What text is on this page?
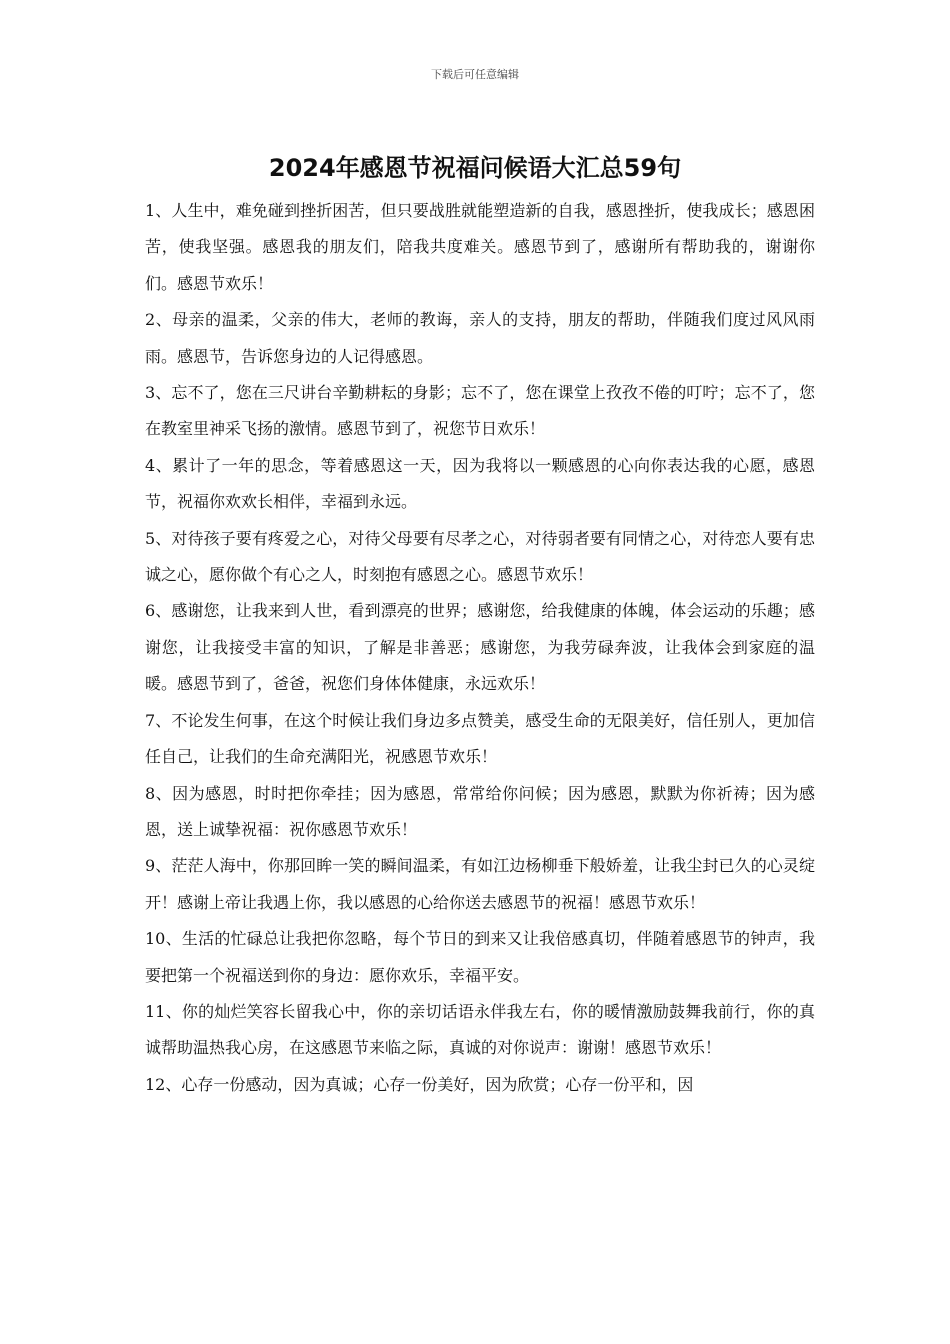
下载后可任意编辑
2024年感恩节祝福问候语大汇总59句

1、人生中，难免碰到挫折困苦，但只要战胜就能塑造新的自我，感恩挫折，使我成长；感恩困苦，使我坚强。感恩我的朋友们，陪我共度难关。感恩节到了，感谢所有帮助我的，谢谢你们。感恩节欢乐！

2、母亲的温柔，父亲的伟大，老师的教诲，亲人的支持，朋友的帮助，伴随我们度过风风雨雨。感恩节，告诉您身边的人记得感恩。

3、忘不了，您在三尺讲台辛勤耕耘的身影；忘不了，您在课堂上孜孜不倦的叮咛；忘不了，您在教室里神采飞扬的激情。感恩节到了，祝您节日欢乐！

4、累计了一年的思念，等着感恩这一天，因为我将以一颗感恩的心向你表达我的心愿，感恩节，祝福你欢欢长相伴，幸福到永远。

5、对待孩子要有疼爱之心，对待父母要有尽孝之心，对待弱者要有同情之心，对待恋人要有忠诚之心，愿你做个有心之人，时刻抱有感恩之心。感恩节欢乐！

6、感谢您，让我来到人世，看到漂亮的世界；感谢您，给我健康的体魄，体会运动的乐趣；感谢您，让我接受丰富的知识，了解是非善恶；感谢您，为我劳碌奔波，让我体会到家庭的温暖。感恩节到了，爸爸，祝您们身体体健康，永远欢乐！

7、不论发生何事，在这个时候让我们身边多点赞美，感受生命的无限美好，信任别人，更加信任自己，让我们的生命充满阳光，祝感恩节欢乐！

8、因为感恩，时时把你牵挂；因为感恩，常常给你问候；因为感恩，默默为你祈祷；因为感恩，送上诚挚祝福：祝你感恩节欢乐！

9、茫茫人海中，你那回眸一笑的瞬间温柔，有如江边杨柳垂下般娇羞，让我尘封已久的心灵绽开！感谢上帝让我遇上你，我以感恩的心给你送去感恩节的祝福！感恩节欢乐！

10、生活的忙碌总让我把你忽略，每个节日的到来又让我倍感真切，伴随着感恩节的钟声，我要把第一个祝福送到你的身边：愿你欢乐，幸福平安。

11、你的灿烂笑容长留我心中，你的亲切话语永伴我左右，你的暖情激励鼓舞我前行，你的真诚帮助温热我心房，在这感恩节来临之际，真诚的对你说声：谢谢！感恩节欢乐！

12、心存一份感动，因为真诚；心存一份美好，因为欣赏；心存一份平和，因
